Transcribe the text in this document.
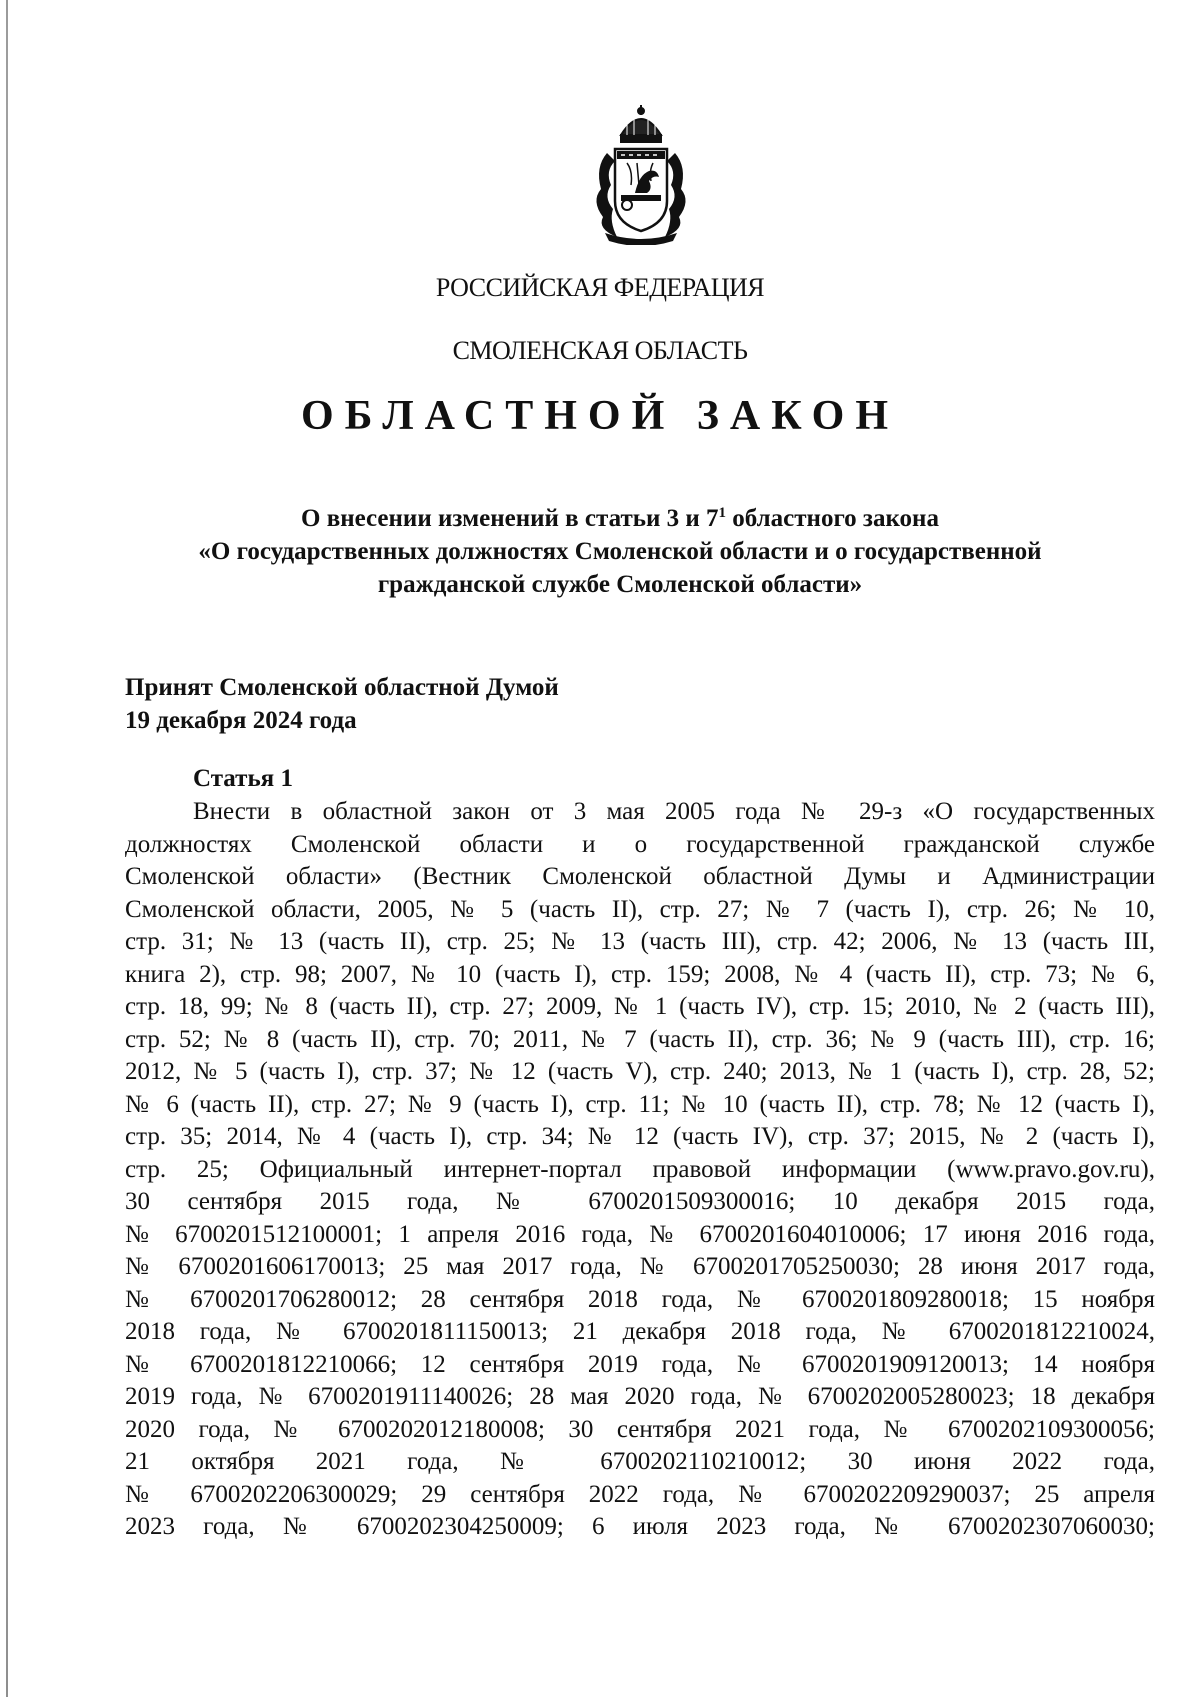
РОССИЙСКАЯ ФЕДЕРАЦИЯ
СМОЛЕНСКАЯ ОБЛАСТЬ
ОБЛАСТНОЙ ЗАКОН
О внесении изменений в статьи 3 и $7^1$ областного закона
«О государственных должностях Смоленской области и о государственной
гражданской службе Смоленской области»
Принят Смоленской областной Думой
19 декабря 2024 года
Статья 1
Внести в областной закон от 3 мая 2005 года № 29-з «О государственных
должностях Смоленской области и о государственной гражданской службе
Смоленской области» (Вестник Смоленской областной Думы и Администрации
Смоленской области, 2005, № 5 (часть II), стр. 27; № 7 (часть I), стр. 26; № 10,
стр. 31; № 13 (часть II), стр. 25; № 13 (часть III), стр. 42; 2006, № 13 (часть III,
книга 2), стр. 98; 2007, № 10 (часть I), стр. 159; 2008, № 4 (часть II), стр. 73; № 6,
стр. 18, 99; № 8 (часть II), стр. 27; 2009, № 1 (часть IV), стр. 15; 2010, № 2 (часть III),
стр. 52; № 8 (часть II), стр. 70; 2011, № 7 (часть II), стр. 36; № 9 (часть III), стр. 16;
2012, № 5 (часть I), стр. 37; № 12 (часть V), стр. 240; 2013, № 1 (часть I), стр. 28, 52;
№ 6 (часть II), стр. 27; № 9 (часть I), стр. 11; № 10 (часть II), стр. 78; № 12 (часть I),
стр. 35; 2014, № 4 (часть I), стр. 34; № 12 (часть IV), стр. 37; 2015, № 2 (часть I),
стр. 25; Официальный интернет-портал правовой информации (www.pravo.gov.ru),
30 сентября 2015 года, № 6700201509300016; 10 декабря 2015 года,
№ 6700201512100001; 1 апреля 2016 года, № 6700201604010006; 17 июня 2016 года,
№ 6700201606170013; 25 мая 2017 года, № 6700201705250030; 28 июня 2017 года,
№ 6700201706280012; 28 сентября 2018 года, № 6700201809280018; 15 ноября
2018 года, № 6700201811150013; 21 декабря 2018 года, № 6700201812210024,
№ 6700201812210066; 12 сентября 2019 года, № 6700201909120013; 14 ноября
2019 года, № 6700201911140026; 28 мая 2020 года, № 6700202005280023; 18 декабря
2020 года, № 6700202012180008; 30 сентября 2021 года, № 6700202109300056;
21 октября 2021 года, № 6700202110210012; 30 июня 2022 года,
№ 6700202206300029; 29 сентября 2022 года, № 6700202209290037; 25 апреля
2023 года, № 6700202304250009; 6 июля 2023 года, № 6700202307060030;
